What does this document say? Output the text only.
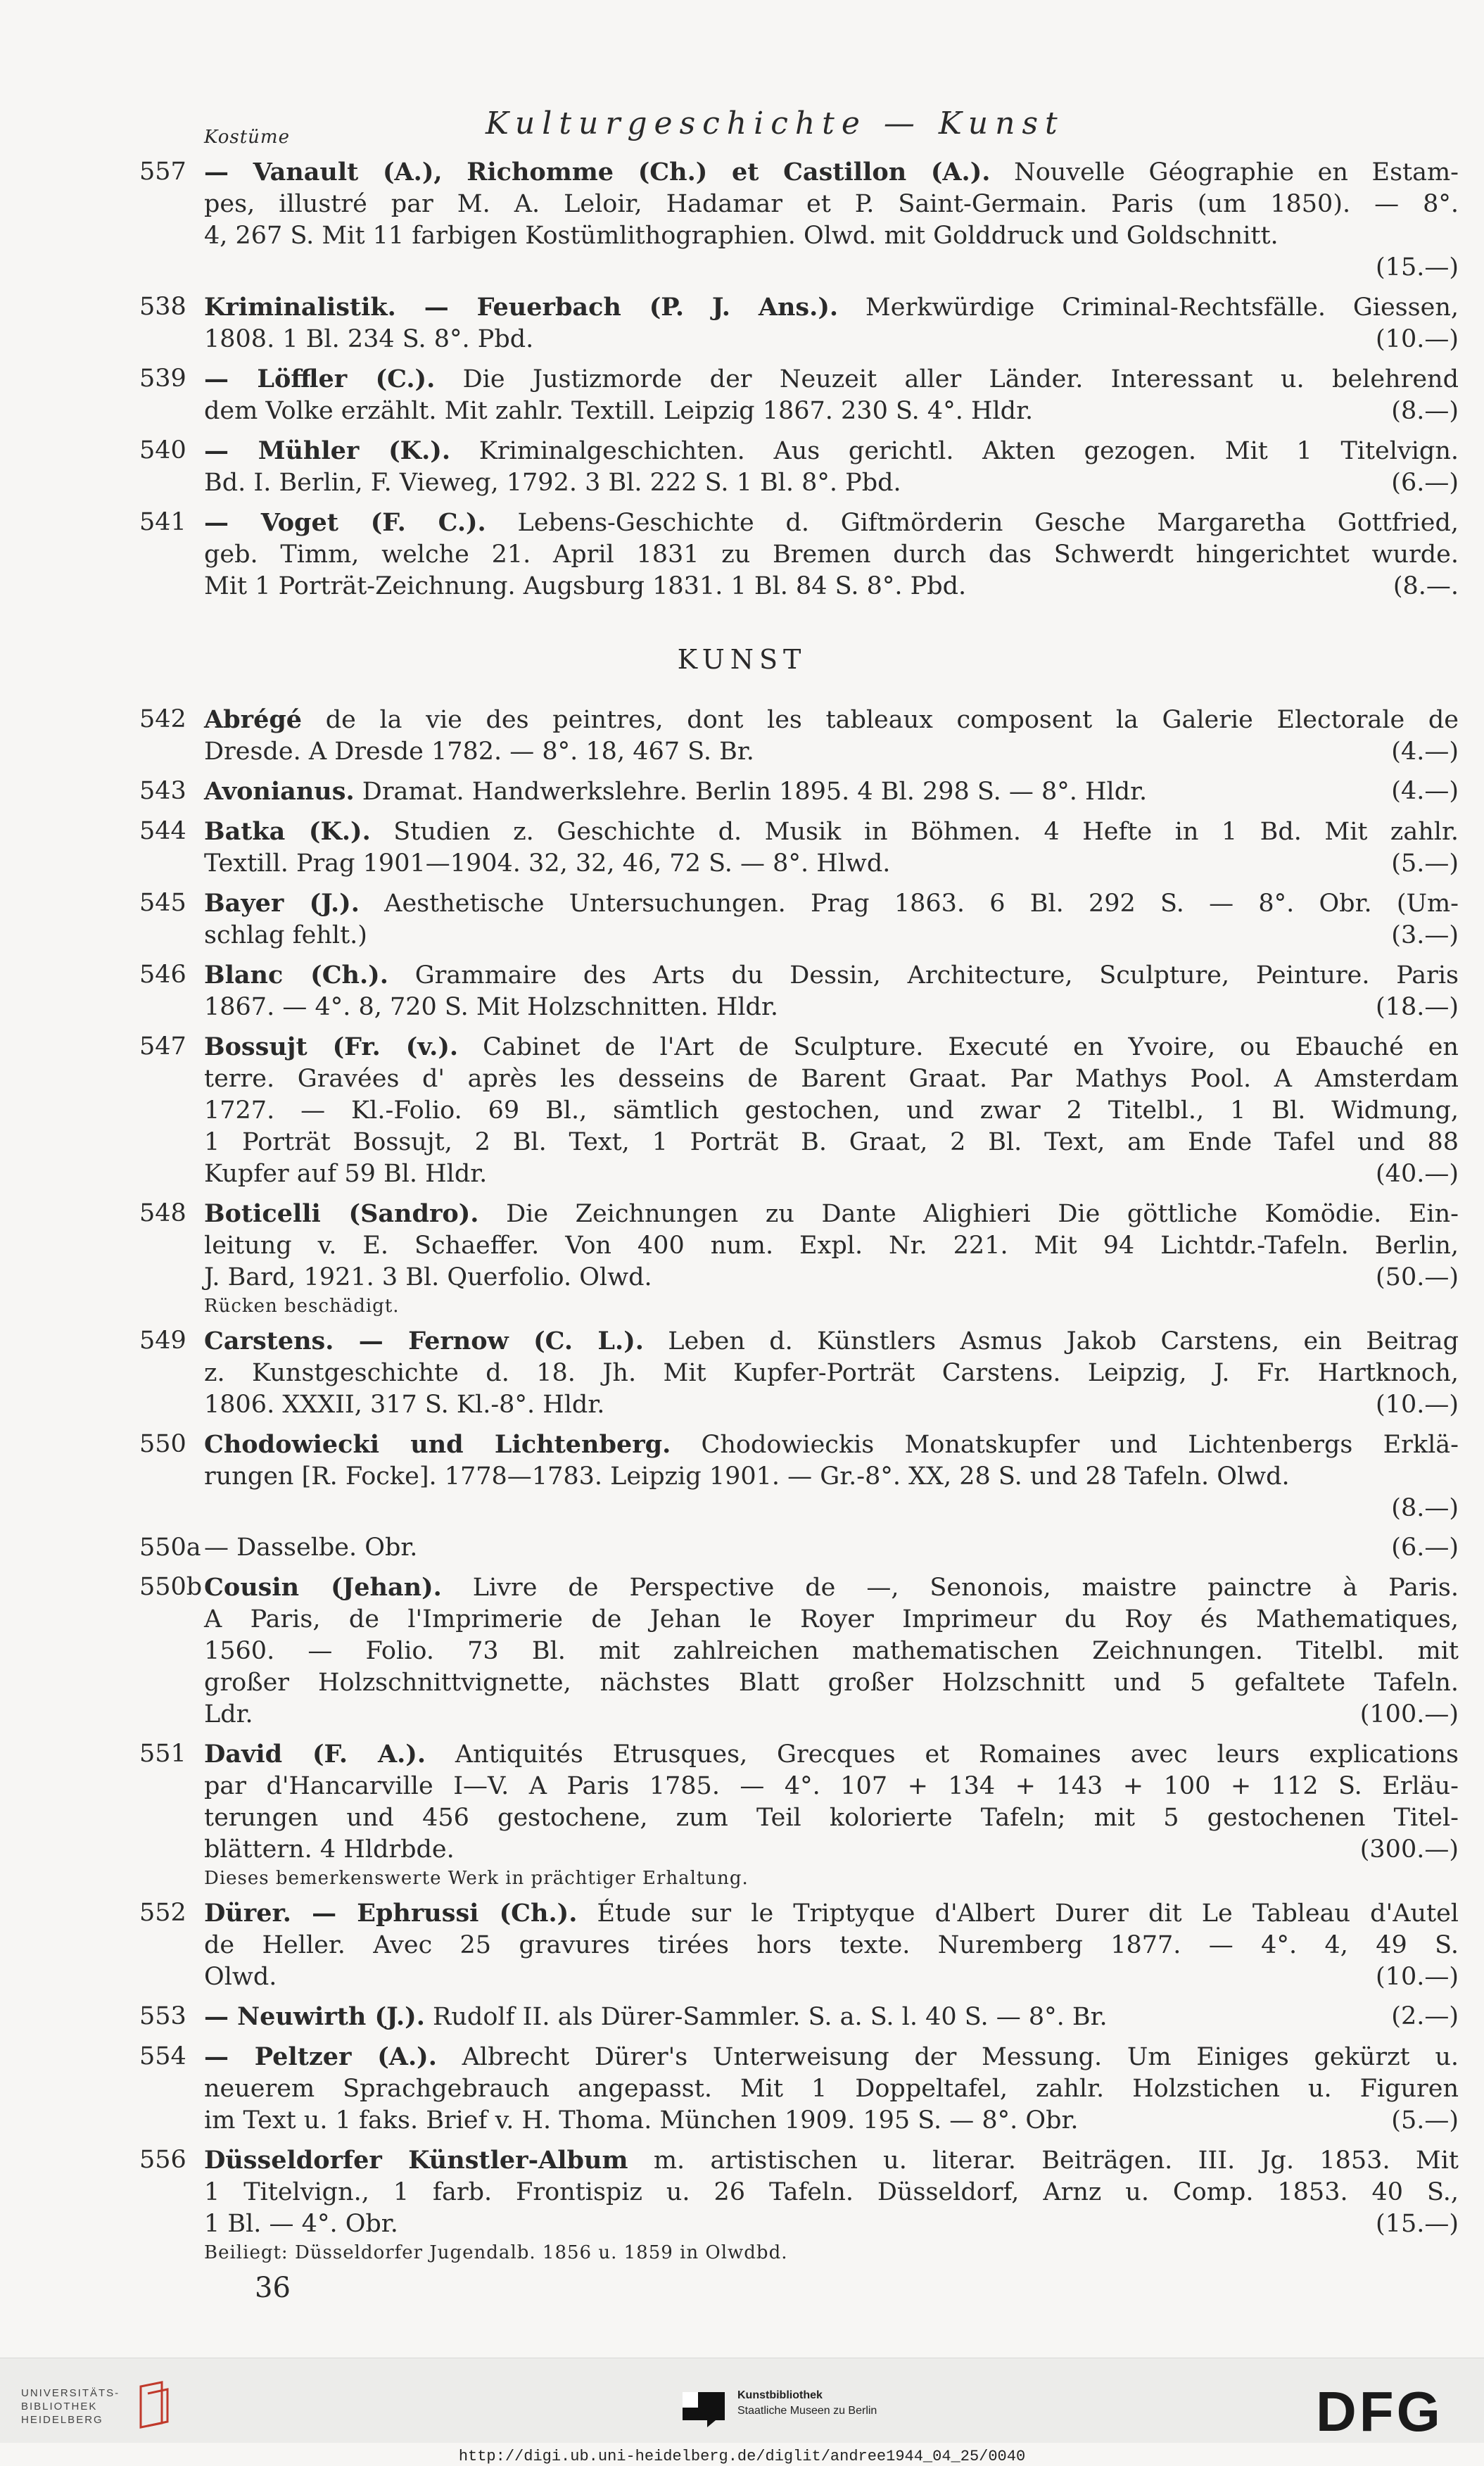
Kostüme	Kulturgeschichte — Kunst
557 — Vanault (A.), Richomme (Ch.) et Castillon (A.). Nouvelle Géographie en Estam-
pes, illustré par M. A. Leloir, Hadamar et P. Saint-Germain. Paris (um 1850). — 8°.
4, 267 S. Mit 11 farbigen Kostümlithographien. Olwd. mit Golddruck und Goldschnitt.
(15.—)
538 Kriminalistik. — Feuerbach (P. J. Ans.). Merkwürdige Criminal-Rechtsfälle. Giessen,
1808. 1 Bl. 234 S. 8°. Pbd.	(10.—)
539 — Löffler (C.). Die Justizmorde der Neuzeit aller Länder. Interessant u. belehrend
dem Volke erzählt. Mit zahlr. Textill. Leipzig 1867. 230 S. 4°. Hldr.	(8.—)
540 — Mühler (K.). Kriminalgeschichten. Aus gerichtl. Akten gezogen. Mit 1 Titelvign.
Bd. I. Berlin, F. Vieweg, 1792. 3 Bl. 222 S. 1 Bl. 8°. Pbd.	(6.—)
541 — Voget (F. C.). Lebens-Geschichte d. Giftmörderin Gesche Margaretha Gottfried,
geb. Timm, welche 21. April 1831 zu Bremen durch das Schwerdt hingerichtet wurde.
Mit 1 Porträt-Zeichnung. Augsburg 1831. 1 Bl. 84 S. 8°. Pbd.	(8.—.
KUNST
542 Abrégé de la vie des peintres, dont les tableaux composent la Galerie Electorale de
Dresde. A Dresde 1782. — 8°. 18, 467 S. Br.	(4.—)
543 Avonianus. Dramat. Handwerkslehre. Berlin 1895. 4 Bl. 298 S. — 8°. Hldr.	(4.—)
544 Batka (K.). Studien z. Geschichte d. Musik in Böhmen. 4 Hefte in 1 Bd. Mit zahlr.
Textill. Prag 1901—1904. 32, 32, 46, 72 S. — 8°. Hlwd.	(5.—)
545 Bayer (J.). Aesthetische Untersuchungen. Prag 1863. 6 Bl. 292 S. — 8°. Obr. (Um-
schlag fehlt.)	(3.—)
546 Blanc (Ch.). Grammaire des Arts du Dessin, Architecture, Sculpture, Peinture. Paris
1867. — 4°. 8, 720 S. Mit Holzschnitten. Hldr.	(18.—)
547 Bossujt (Fr. (v.). Cabinet de l'Art de Sculpture. Executé en Yvoire, ou Ebauché en
terre. Gravées d' après les desseins de Barent Graat. Par Mathys Pool. A Amsterdam
1727. — Kl.-Folio. 69 Bl., sämtlich gestochen, und zwar 2 Titelbl., 1 Bl. Widmung,
1 Porträt Bossujt, 2 Bl. Text, 1 Porträt B. Graat, 2 Bl. Text, am Ende Tafel und 88
Kupfer auf 59 Bl. Hldr.	(40.—)
548 Boticelli (Sandro). Die Zeichnungen zu Dante Alighieri Die göttliche Komödie. Ein-
leitung v. E. Schaeffer. Von 400 num. Expl. Nr. 221. Mit 94 Lichtdr.-Tafeln. Berlin,
J. Bard, 1921. 3 Bl. Querfolio. Olwd.	(50.—)
Rücken beschädigt.
549 Carstens. — Fernow (C. L.). Leben d. Künstlers Asmus Jakob Carstens, ein Beitrag
z. Kunstgeschichte d. 18. Jh. Mit Kupfer-Porträt Carstens. Leipzig, J. Fr. Hartknoch,
1806. XXXII, 317 S. Kl.-8°. Hldr.	(10.—)
550 Chodowiecki und Lichtenberg. Chodowieckis Monatskupfer und Lichtenbergs Erklä-
rungen [R. Focke]. 1778—1783. Leipzig 1901. — Gr.-8°. XX, 28 S. und 28 Tafeln. Olwd.
(8.—)
550a — Dasselbe. Obr.	(6.—)
550b Cousin (Jehan). Livre de Perspective de —, Senonois, maistre painctre à Paris.
A Paris, de l'Imprimerie de Jehan le Royer Imprimeur du Roy és Mathematiques,
1560. — Folio. 73 Bl. mit zahlreichen mathematischen Zeichnungen. Titelbl. mit
großer Holzschnittvignette, nächstes Blatt großer Holzschnitt und 5 gefaltete Tafeln.
Ldr.	(100.—)
551 David (F. A.). Antiquités Etrusques, Grecques et Romaines avec leurs explications
par d'Hancarville I—V. A Paris 1785. — 4°. 107 + 134 + 143 + 100 + 112 S. Erläu-
terungen und 456 gestochene, zum Teil kolorierte Tafeln; mit 5 gestochenen Titel-
blättern. 4 Hldrbde.	(300.—)
Dieses bemerkenswerte Werk in prächtiger Erhaltung.
552 Dürer. — Ephrussi (Ch.). Étude sur le Triptyque d'Albert Durer dit Le Tableau d'Autel
de Heller. Avec 25 gravures tirées hors texte. Nuremberg 1877. — 4°. 4, 49 S.
Olwd.	(10.—)
553 — Neuwirth (J.). Rudolf II. als Dürer-Sammler. S. a. S. l. 40 S. — 8°. Br.	(2.—)
554 — Peltzer (A.). Albrecht Dürer's Unterweisung der Messung. Um Einiges gekürzt u.
neuerem Sprachgebrauch angepasst. Mit 1 Doppeltafel, zahlr. Holzstichen u. Figuren
im Text u. 1 faks. Brief v. H. Thoma. München 1909. 195 S. — 8°. Obr.	(5.—)
556 Düsseldorfer Künstler-Album m. artistischen u. literar. Beiträgen. III. Jg. 1853. Mit
1 Titelvign., 1 farb. Frontispiz u. 26 Tafeln. Düsseldorf, Arnz u. Comp. 1853. 40 S.,
1 Bl. — 4°. Obr.	(15.—)
Beiliegt: Düsseldorfer Jugendalb. 1856 u. 1859 in Olwdbd.
36
UNIVERSITÄTS-
BIBLIOTHEK
HEIDELBERG
Kunstbibliothek
Staatliche Museen zu Berlin	DFG
http://digi.ub.uni-heidelberg.de/diglit/andree1944_04_25/0040
